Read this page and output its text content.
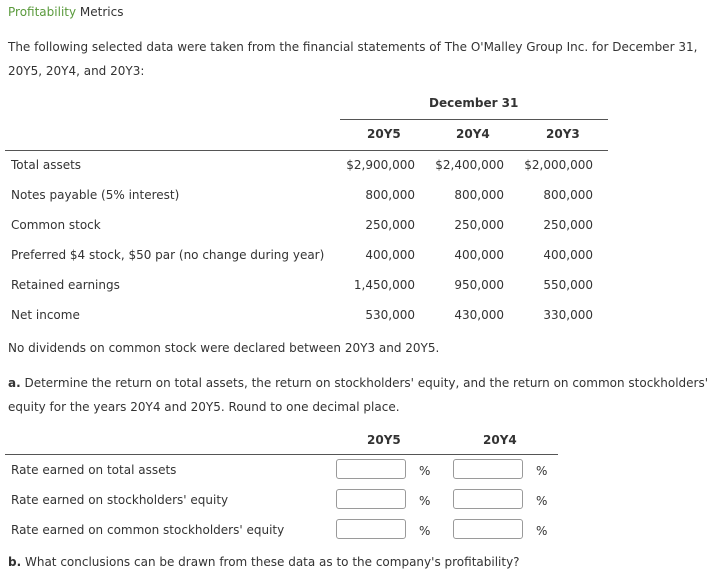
Profitability Metrics
The following selected data were taken from the financial statements of The O'Malley Group Inc. for December 31,
20Y5, 20Y4, and 20Y3:
December 31
20Y5	20Y4	20Y3
Total assets	$2,900,000 $2,400,000 $2,000,000
Notes payable (5% interest)	800,000	800,000	800,000
Common stock	250,000	250,000	250,000
Preferred $4 stock, $50 par (no change during year)	400,000	400,000	400,000
Retained earnings	1,450,000	950,000	550,000
Net income	530,000	430,000	330,000
No dividends on common stock were declared between 20Y3 and 20Y5.
a. Determine the return on total assets, the return on stockholders' equity, and the return on common stockholders'
equity for the years 20Y4 and 20Y5. Round to one decimal place.
20Y5	20Y4
Rate earned on total assets	%	%
Rate earned on stockholders' equity	%	%
Rate earned on common stockholders' equity	%	%
b. What conclusions can be drawn from these data as to the company's profitability?
